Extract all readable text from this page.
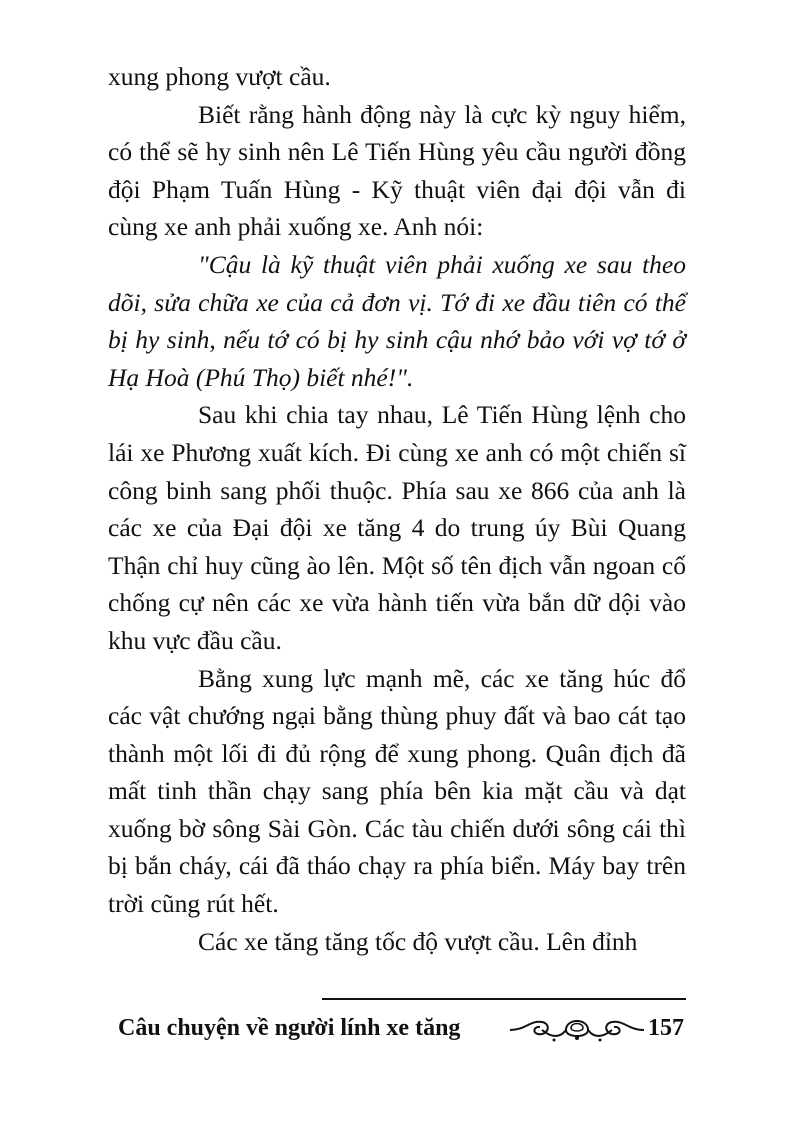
xung phong vượt cầu.

Biết rằng hành động này là cực kỳ nguy hiểm, có thể sẽ hy sinh nên Lê Tiến Hùng yêu cầu người đồng đội Phạm Tuấn Hùng - Kỹ thuật viên đại đội vẫn đi cùng xe anh phải xuống xe. Anh nói:

"Cậu là kỹ thuật viên phải xuống xe sau theo dõi, sửa chữa xe của cả đơn vị. Tớ đi xe đầu tiên có thể bị hy sinh, nếu tớ có bị hy sinh cậu nhớ bảo với vợ tớ ở Hạ Hoà (Phú Thọ) biết nhé!".

Sau khi chia tay nhau, Lê Tiến Hùng lệnh cho lái xe Phương xuất kích. Đi cùng xe anh có một chiến sĩ công binh sang phối thuộc. Phía sau xe 866 của anh là các xe của Đại đội xe tăng 4 do trung úy Bùi Quang Thận chỉ huy cũng ào lên. Một số tên địch vẫn ngoan cố chống cự nên các xe vừa hành tiến vừa bắn dữ dội vào khu vực đầu cầu.

Bằng xung lực mạnh mẽ, các xe tăng húc đổ các vật chướng ngại bằng thùng phuy đất và bao cát tạo thành một lối đi đủ rộng để xung phong. Quân địch đã mất tinh thần chạy sang phía bên kia mặt cầu và dạt xuống bờ sông Sài Gòn. Các tàu chiến dưới sông cái thì bị bắn cháy, cái đã tháo chạy ra phía biển. Máy bay trên trời cũng rút hết.

Các xe tăng tăng tốc độ vượt cầu. Lên đỉnh

Câu chuyện về người lính xe tăng	157
